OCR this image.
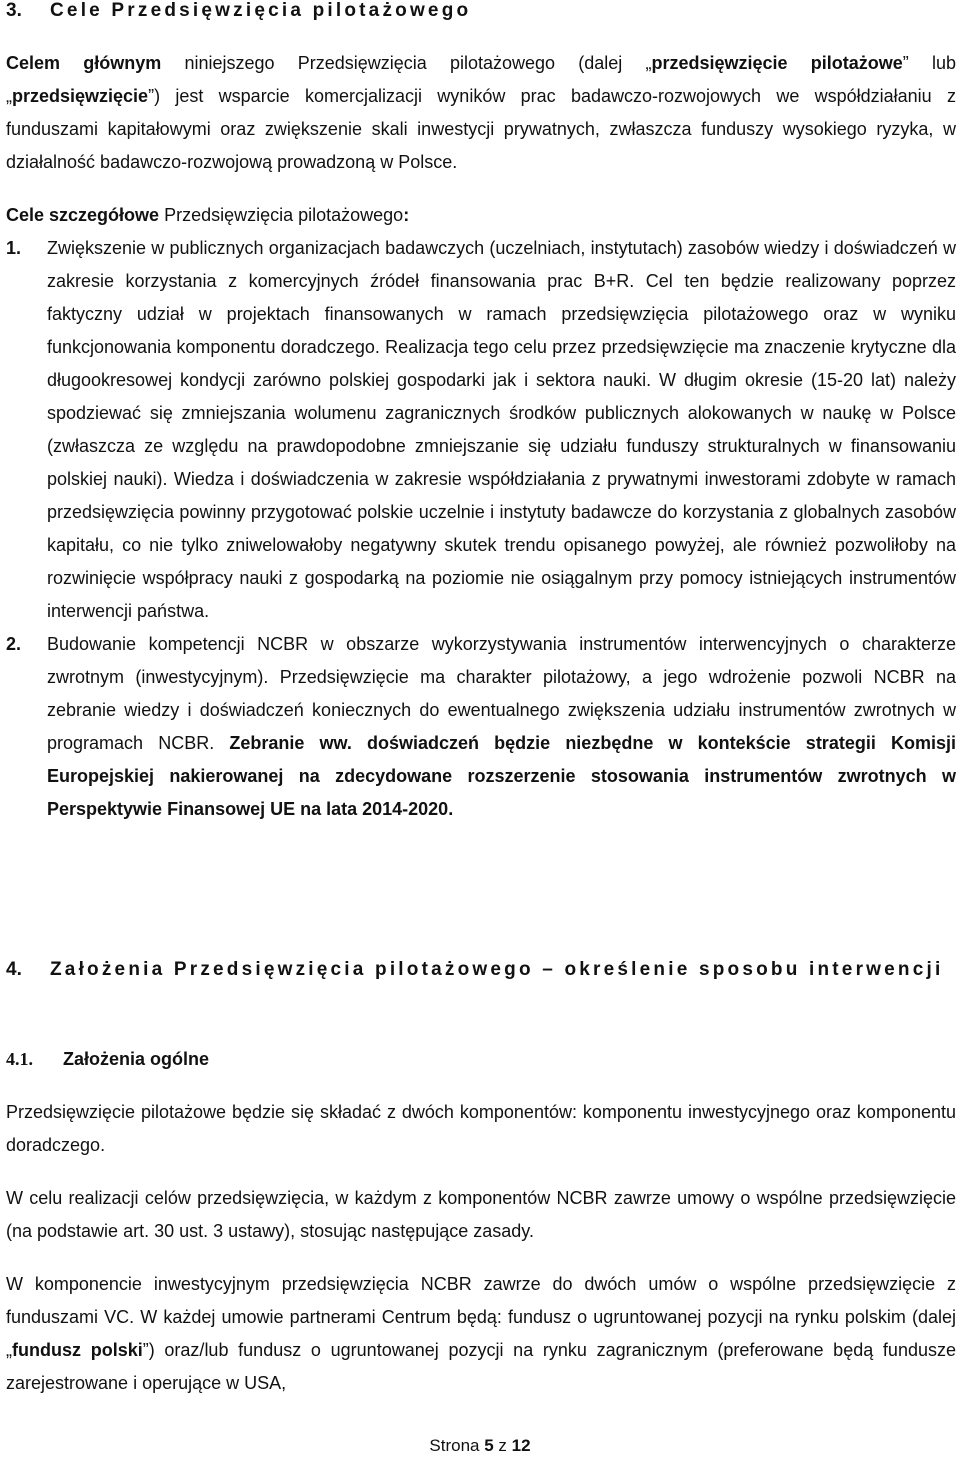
3. Cele Przedsięwzięcia pilotażowego

Celem głównym niniejszego Przedsięwzięcia pilotażowego (dalej „przedsięwzięcie pilotażowe” lub „przedsięwzięcie”) jest wsparcie komercjalizacji wyników prac badawczo-rozwojowych we współdziałaniu z funduszami kapitałowymi oraz zwiększenie skali inwestycji prywatnych, zwłaszcza funduszy wysokiego ryzyka, w działalność badawczo-rozwojową prowadzoną w Polsce.

Cele szczegółowe Przedsięwzięcia pilotażowego:

1. Zwiększenie w publicznych organizacjach badawczych (uczelniach, instytutach) zasobów wiedzy i doświadczeń w zakresie korzystania z komercyjnych źródeł finansowania prac B+R. Cel ten będzie realizowany poprzez faktyczny udział w projektach finansowanych w ramach przedsięwzięcia pilotażowego oraz w wyniku funkcjonowania komponentu doradczego. Realizacja tego celu przez przedsięwzięcie ma znaczenie krytyczne dla długookresowej kondycji zarówno polskiej gospodarki jak i sektora nauki. W długim okresie (15-20 lat) należy spodziewać się zmniejszania wolumenu zagranicznych środków publicznych alokowanych w naukę w Polsce (zwłaszcza ze względu na prawdopodobne zmniejszanie się udziału funduszy strukturalnych w finansowaniu polskiej nauki). Wiedza i doświadczenia w zakresie współdziałania z prywatnymi inwestorami zdobyte w ramach przedsięwzięcia powinny przygotować polskie uczelnie i instytuty badawcze do korzystania z globalnych zasobów kapitału, co nie tylko zniwelowałoby negatywny skutek trendu opisanego powyżej, ale również pozwoliłoby na rozwinięcie współpracy nauki z gospodarką na poziomie nie osiągalnym przy pomocy istniejących instrumentów interwencji państwa.
2. Budowanie kompetencji NCBR w obszarze wykorzystywania instrumentów interwencyjnych o charakterze zwrotnym (inwestycyjnym). Przedsięwzięcie ma charakter pilotażowy, a jego wdrożenie pozwoli NCBR na zebranie wiedzy i doświadczeń koniecznych do ewentualnego zwiększenia udziału instrumentów zwrotnych w programach NCBR. Zebranie ww. doświadczeń będzie niezbędne w kontekście strategii Komisji Europejskiej nakierowanej na zdecydowane rozszerzenie stosowania instrumentów zwrotnych w Perspektywie Finansowej UE na lata 2014-2020.
4. Założenia Przedsięwzięcia pilotażowego – określenie sposobu interwencji

4.1. Założenia ogólne

Przedsięwzięcie pilotażowe będzie się składać z dwóch komponentów: komponentu inwestycyjnego oraz komponentu doradczego.

W celu realizacji celów przedsięwzięcia, w każdym z komponentów NCBR zawrze umowy o wspólne przedsięwzięcie (na podstawie art. 30 ust. 3 ustawy), stosując następujące zasady.

W komponencie inwestycyjnym przedsięwzięcia NCBR zawrze do dwóch umów o wspólne przedsięwzięcie z funduszami VC. W każdej umowie partnerami Centrum będą: fundusz o ugruntowanej pozycji na rynku polskim (dalej „fundusz polski”) oraz/lub fundusz o ugruntowanej pozycji na rynku zagranicznym (preferowane będą fundusze zarejestrowane i operujące w USA,

Strona 5 z 12
